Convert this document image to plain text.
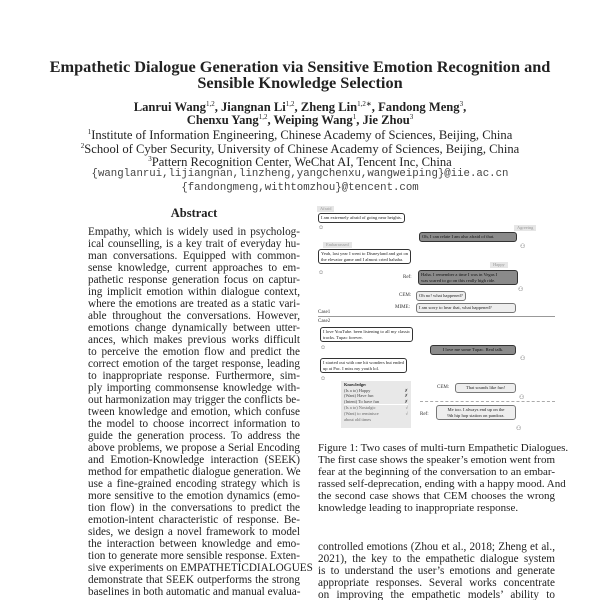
Empathetic Dialogue Generation via Sensitive Emotion Recognition and
Sensible Knowledge Selection
Lanrui Wang$^{1,2}$, Jiangnan Li$^{1,2}$, Zheng Lin$^{1,2∗}$, Fandong Meng$^3$,
Chenxu Yang$^{1,2}$, Weiping Wang$^1$, Jie Zhou$^3$
$^1$Institute of Information Engineering, Chinese Academy of Sciences, Beijing, China
$^2$School of Cyber Security, University of Chinese Academy of Sciences, Beijing, China
$^3$Pattern Recognition Center, WeChat AI, Tencent Inc, China
{wanglanrui,lijiangnan,linzheng,yangchenxu,wangweiping}@iie.ac.cn
{fandongmeng,withtomzhou}@tencent.com
Abstract
Empathy, which is widely used in psycholog-
ical counselling, is a key trait of everyday hu-
man conversations. Equipped with common-
sense knowledge, current approaches to em-
pathetic response generation focus on captur-
ing implicit emotion within dialogue context,
where the emotions are treated as a static vari-
able throughout the conversations. However,
emotions change dynamically between utter-
ances, which makes previous works difficult
to perceive the emotion flow and predict the
correct emotion of the target response, leading
to inappropriate response. Furthermore, sim-
ply importing commonsense knowledge with-
out harmonization may trigger the conflicts be-
tween knowledge and emotion, which confuse
the model to choose incorrect information to
guide the generation process. To address the
above problems, we propose a Serial Encoding
and Emotion-Knowledge interaction (SEEK)
method for empathetic dialogue generation. We
use a fine-grained encoding strategy which is
more sensitive to the emotion dynamics (emo-
tion flow) in the conversations to predict the
emotion-intent characteristic of response. Be-
sides, we design a novel framework to model
the interaction between knowledge and emo-
tion to generate more sensible response. Exten-
sive experiments on EMPATHETICDIALOGUES
demonstrate that SEEK outperforms the strong
baselines in both automatic and manual evalua-
Afraid
I am extremely afraid of going near heights.
☺	Agreeing
Oh, I can relate I am also afraid of that.
⚇
Embarrassed
Yeah, last year I went to Disneyland and got on
the elevator game and I almost cried hahaha.
☺
Happy
Ref:
Haha. I remember a time I was in Vegas I
was scared to go on this really high ride.
⚇
CEM:	Oh no! what happened?
MIME:	I am sorry to hear that, what happened?
Case1
Case2
I love YouTube. been listening to all my classic
tracks. Tupac forever.
☺	I love me some Tupac. Real talk.
⚇
I started out with one hit wonders but ended
up at Pac. I miss my youth lol.
☺
Knowledge:
(Is a to) Happy	✗
(Want) Have fun	✗
(Intent) To have fun	✗
(Is a to) Nostalgic	√
(Want) to reminisce	√
about old times
CEM:	That sounds like fun!
⚇
Ref:
Me too. I always end up on the
9th hip hop station on pandora.
⚇
Figure 1: Two cases of multi-turn Empathetic Dialogues.
The first case shows the speaker’s emotion went from
fear at the beginning of the conversation to an embar-
rassed self-deprecation, ending with a happy mood. And
the second case shows that CEM chooses the wrong
knowledge leading to inappropriate response.
controlled emotions (Zhou et al., 2018; Zheng et al.,
2021), the key to the empathetic dialogue system
is to understand the user’s emotions and generate
appropriate responses. Several works concentrate
on improving the empathetic models’ ability to
